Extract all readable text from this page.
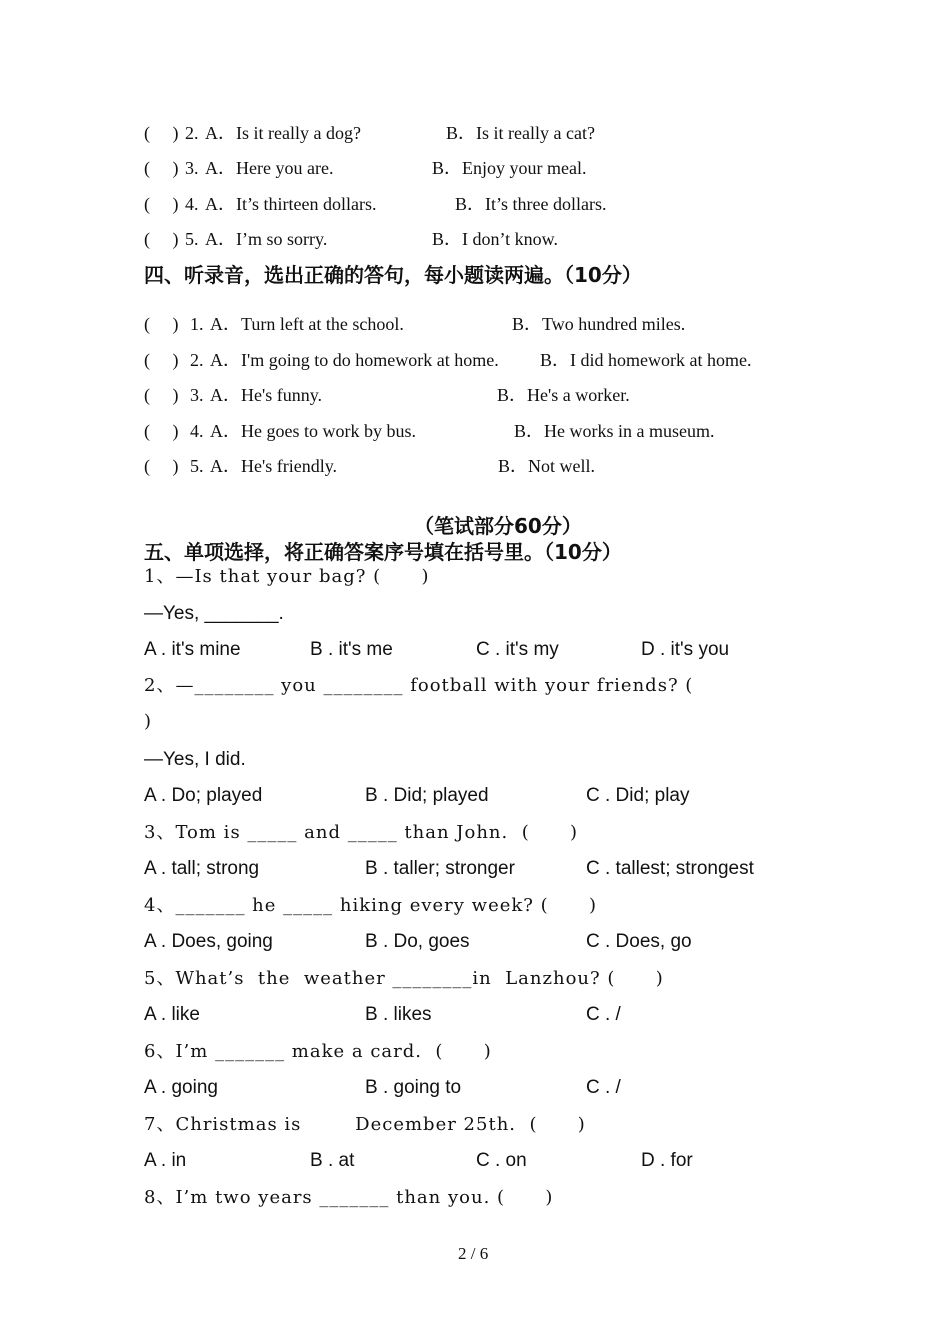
(     ) 2. A．Is it really a dog?	B．Is it really a cat?
(     ) 3. A．Here you are.	B．Enjoy your meal.
(     ) 4. A．It’s thirteen dollars.	B．It’s three dollars.
(     ) 5. A．I’m so sorry.	B．I don’t know.
四、听录音，选出正确的答句，每小题读两遍。（10分）
(     ) 1. A．Turn left at the school.	B．Two hundred miles.
(     ) 2. A．I'm going to do homework at home. B．I did homework at home.
(     ) 3. A．He's funny.	B．He's a worker.
(     ) 4. A．He goes to work by bus.	B．He works in a museum.
(     ) 5. A．He's friendly.	B．Not well.
（笔试部分60分）
五、单项选择，将正确答案序号填在括号里。（10分）
1、—Is that your bag? (      )
—Yes, _______.
A . it's mine	B . it's me	C . it's my	D . it's you
2、—________ you ________ football with your friends? (
)
—Yes, I did.
A . Do; played	B . Did; played	C . Did; play
3、Tom is _____ and _____ than John.  (      )
A . tall; strong	B . taller; stronger	C . tallest; strongest
4、_______ he _____ hiking every week? (      )
A . Does, going	B . Do, goes	C . Does, go
5、What’s  the  weather ________in  Lanzhou? (      )
A . like	B . likes	C . /
6、I’m _______ make a card.  (      )
A . going	B . going to	C . /
7、Christmas is        December 25th.  (      )
A . in	B . at	C . on	D . for
8、I’m two years _______ than you. (      )
2 / 6
